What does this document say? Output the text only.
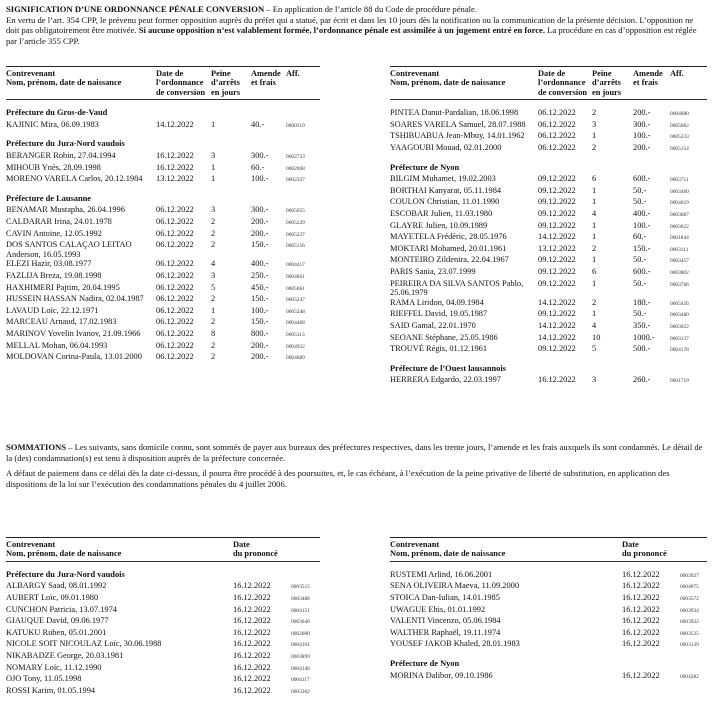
SIGNIFICATION D’UNE ORDONNANCE PÉNALE CONVERSION – En application de l’article 88 du Code de procédure pénale.

En vertu de l’art. 354 CPP, le prévenu peut former opposition auprès du préfet qui a statué, par écrit et dans les 10 jours dès la notification ou la communication de la présente décision. L’opposition ne doit pas obligatoirement être motivée. Si aucune opposition n’est valablement formée, l’ordonnance pénale est assimilée à un jugement entré en force. La procédure en cas d’opposition est réglée par l’article 355 CPP.

Contrevenant
Nom, prénom, date de naissance	Date de
l’ordonnance
de conversion	Peine
d’arrêts
en jours	Amende
et frais	Aff.
Préfecture du Gros-de-Vaud				
KAJINIC Mira, 06.09.1983	14.12.2022	1	40.-	0000319
Préfecture du Jura-Nord vaudois				
BERANGER Robin, 27.04.1994	16.12.2022	3	300.-	0002723
MIHOUB Ynès, 28.09.1998	16.12.2022	1	60.-	0002068
MORENO VARELA Carlos, 20.12.1984	13.12.2022	1	100.-	0002327
Préfecture de Lausanne				
BENAMAR Mustapha, 26.04.1996	06.12.2022	3	300.-	0005055
CALDARAR Irina, 24.01.1978	06.12.2022	2	200.-	0005229
CAVIN Antoine, 12.05.1992	06.12.2022	2	200.-	0005237
DOS SANTOS CALAÇAO LEITAO Anderson, 16.05.1993	06.12.2022	2	150.-	0005156
ELEZI Hazir, 03.08.1977	06.12.2022	4	400.-	0004417
FAZLIJA Breza, 19.08.1998	06.12.2022	3	250.-	0004661
HAXHIMERI Pajtim, 20.04.1995	06.12.2022	5	450.-	0005061
HUSSEIN HASSAN Nadira, 02.04.1987	06.12.2022	2	150.-	0005247
LAVAUD Loïc, 22.12.1971	06.12.2022	1	100.-	0005248
MARCEAU Arnaud, 17.02.1983	06.12.2022	2	150.-	0004468
MARINOV Yovelin Ivanov, 21.09.1966	06.12.2022	8	800.-	0005113
MELLAL Mohan, 06.04.1993	06.12.2022	2	200.-	0004932
MOLDOVAN Corina-Paula, 13.01.2000	06.12.2022	2	200.-	0004689
Contrevenant
Nom, prénom, date de naissance	Date de
l’ordonnance
de conversion	Peine
d’arrêts
en jours	Amende
et frais	Aff.

PINTEA Danut-Pardalian, 18.06.1998	06.12.2022	2	200.-	0004680
SOARES VARELA Samuel, 28.07.1988	06.12.2022	3	300.-	0005082
TSHIBUABUA Jean-Mbuy, 14.01.1962	06.12.2022	1	100.-	0005233
YAAGOUBI Mouad, 02.01.2000	06.12.2022	2	200.-	0005154
Préfecture de Nyon				
BILGIM Muhamet, 19.02.2003	09.12.2022	6	600.-	0003711
BORTHAI Kanyarat, 05.11.1984	09.12.2022	1	50.-	0003460
COULON Christian, 11.01.1990	09.12.2022	1	50.-	0004019
ESCOBAR Julien, 11.03.1980	09.12.2022	4	400.-	0003687
GLAYRE Julien, 10.09.1989	09.12.2022	1	100.-	0003622
MAYETELA Frédéric, 28.05.1976	14.12.2022	1	60.-	0001844
MOKTARI Mohamed, 20.01.1961	13.12.2022	2	150.-	0003111
MONTEIRO Zildenira, 22.04.1967	09.12.2022	1	50.-	0003457
PARIS Sania, 23.07.1999	09.12.2022	6	600.-	0003802
PEIREIRA DA SILVA SANTOS Pablo, 25.06.1979	09.12.2022	1	50.-	0003766
RAMA Liridon, 04.09.1984	14.12.2022	2	180.-	0005456
RIEFFEL David, 19.05.1987	09.12.2022	1	50.-	0003480
SAID Gamal, 22.01.1970	14.12.2022	4	350.-	0003022
SEOANE Stéphane, 25.05.1986	14.12.2022	10	1000.-	0003137
TROUVÉ Régis, 01.12.1961	09.12.2022	5	500.-	0004178
Préfecture de l’Ouest lausannois				
HERRERA Edgardo, 22.03.1997	16.12.2022	3	260.-	0001719

SOMMATIONS – Les suivants, sans domicile connu, sont sommés de payer aux bureaux des préfectures respectives, dans les trente jours, l’amende et les frais auxquels ils sont condamnés. Le détail de la (des) condamnation(s) est tenu à disposition auprès de la préfecture concernée.

A défaut de paiement dans ce délai dès la date ci-dessus, il pourra être procédé à des poursuites, et, le cas échéant, à l’exécution de la peine privative de liberté de substitution, en application des dispositions de la loi sur l’exécution des condamnations pénales du 4 juillet 2006.

Contrevenant
Nom, prénom, date de naissance	Date
du prononcé	
Préfecture du Jura-Nord vaudois		
ALBARGY Saad, 08.01.1992	16.12.2022	0003515
AUBERT Loïc, 09.01.1980	16.12.2022	0003488
CUNCHON Patricia, 13.07.1974	16.12.2022	0004151
GIAUQUE David, 09.06.1977	16.12.2022	0003640
KATUKU Ruben, 05.01.2001	16.12.2022	0002000
NICOLE SOIT NICOULAZ Loïc, 30.06.1988	16.12.2022	0004101
NIKABADZE George, 20.03.1981	16.12.2022	0003899
NOMARY Loïc, 11.12.1990	16.12.2022	0004146
OJO Tony, 11.05.1998	16.12.2022	0004117
ROSSI Karim, 01.05.1994	16.12.2022	0003302
Contrevenant
Nom, prénom, date de naissance	Date
du prononcé	

RUSTEMI Arlind, 16.06.2001	16.12.2022	0003927
SENA OLIVEIRA Maeva, 11.09.2000	16.12.2022	0004075
STOICA Dan-Iulian, 14.01.1985	16.12.2022	0003572
UWAGUE Ehis, 01.01.1992	16.12.2022	0003934
VALENTI Vincenzo, 05.06.1984	16.12.2022	0003922
WALTHER Raphaël, 19.11.1974	16.12.2022	0003525
YOUSEF JAKOB Khaled, 28.01.1983	16.12.2022	0003139
Préfecture de Nyon		
MORINA Dalibor, 09.10.1986	16.12.2022	0004282
